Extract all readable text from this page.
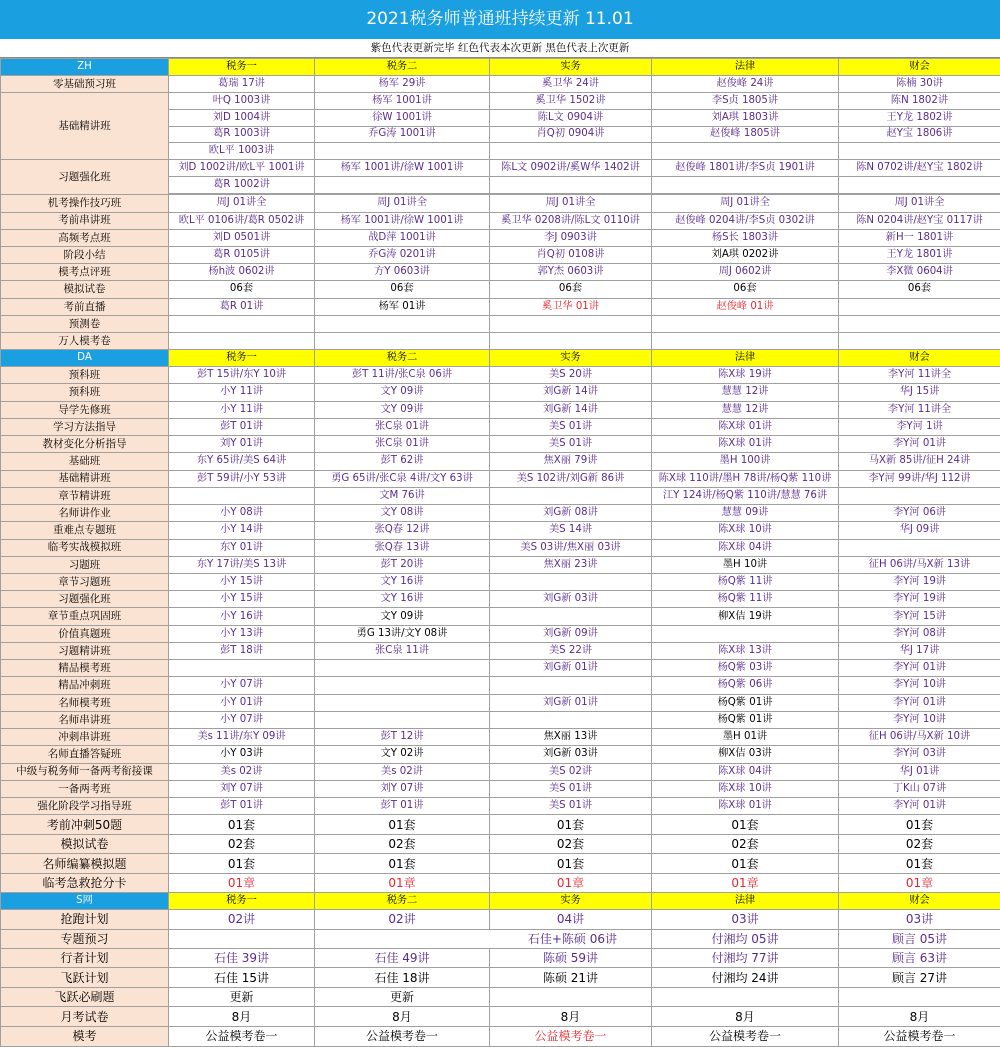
2021税务师普通班持续更新 11.01
紫色代表更新完毕 红色代表本次更新 黑色代表上次更新
ZH	税务一	税务二	实务	法律	财会
零基础预习班	葛瑞 17讲	杨军 29讲	奚卫华 24讲	赵俊峰 24讲	陈楠 30讲
基础精讲班	叶Q 1003讲	杨军 1001讲	奚卫华 1502讲	李S贞 1805讲	陈N 1802讲
	刘D 1004讲	徐W 1001讲	陈L文 0904讲	刘A琪 1803讲	王Y龙 1802讲
	葛R 1003讲	乔G涛 1001讲	肖Q初 0904讲	赵俊峰 1805讲	赵Y宝 1806讲
	欧L平 1003讲				
习题强化班	刘D 1002讲/欧L平 1001讲	杨军 1001讲/徐W 1001讲	陈L文 0902讲/奚W华 1402讲	赵俊峰 1801讲/李S贞 1901讲	陈N 0702讲/赵Y宝 1802讲
	葛R 1002讲				

机考操作技巧班	周J 01讲全	周J 01讲全	周J 01讲全	周J 01讲全	周J 01讲全
考前串讲班	欧L平 0106讲/葛R 0502讲	杨军 1001讲/徐W 1001讲	奚卫华 0208讲/陈L文 0110讲	赵俊峰 0204讲/李S贞 0302讲	陈N 0204讲/赵Y宝 0117讲
高频考点班	刘D 0501讲	战D萍 1001讲	李J 0903讲	杨S长 1803讲	新H一 1801讲
阶段小结	葛R 0105讲	乔G涛 0201讲	肖Q初 0108讲	刘A琪 0202讲	王Y龙 1801讲
模考点评班	杨h波 0602讲	方Y 0603讲	郭Y杰 0603讲	周J 0602讲	李X微 0604讲
模拟试卷	06套	06套	06套	06套	06套
考前直播	葛R 01讲	杨军 01讲	奚卫华 01讲	赵俊峰 01讲	
预测卷					
万人模考卷					
DA	税务一	税务二	实务	法律	财会
预科班	彭T 15讲/东Y 10讲	彭T 11讲/张C泉 06讲	美S 20讲	陈X球 19讲	李Y河 11讲全
预科班	小Y 11讲	文Y 09讲	刘G新 14讲	慧慧 12讲	华J 15讲
导学先修班	小Y 11讲	文Y 09讲	刘G新 14讲	慧慧 12讲	李Y河 11讲全
学习方法指导	彭T 01讲	张C泉 01讲	美S 01讲	陈X球 01讲	李Y河 1讲
教材变化分析指导	刘Y 01讲	张C泉 01讲	美S 01讲	陈X球 01讲	李Y河 01讲
基础班	东Y 65讲/美S 64讲	彭T 62讲	焦X丽 79讲	墨H 100讲	马X新 85讲/征H 24讲
基础精讲班	彭T 59讲/小Y 53讲	勇G 65讲/张C泉 4讲/文Y 63讲	美S 102讲/刘G新 86讲	陈X球 110讲/墨H 78讲/杨Q紫 110讲	李Y河 99讲/华J 112讲
章节精讲班		文M 76讲		江Y 124讲/杨Q紫 110讲/慧慧 76讲	
名师讲作业	小Y 08讲	文Y 08讲	刘G新 08讲	慧慧 09讲	李Y河 06讲
重难点专题班	小Y 14讲	张Q春 12讲	美S 14讲	陈X球 10讲	华J 09讲
临考实战模拟班	东Y 01讲	张Q春 13讲	美S 03讲/焦X丽 03讲	陈X球 04讲	
习题班	东Y 17讲/美S 13讲	彭T 20讲	焦X丽 23讲	墨H 10讲	征H 06讲/马X新 13讲
章节习题班	小Y 15讲	文Y 16讲		杨Q紫 11讲	李Y河 19讲
习题强化班	小Y 15讲	文Y 16讲	刘G新 03讲	杨Q紫 11讲	李Y河 19讲
章节重点巩固班	小Y 16讲	文Y 09讲		柳X佶 19讲	李Y河 15讲
价值真题班	小Y 13讲	勇G 13讲/文Y 08讲	刘G新 09讲		李Y河 08讲
习题精讲班	彭T 18讲	张C泉 11讲	美S 22讲	陈X球 13讲	华J 17讲
精品模考班			刘G新 01讲	杨Q紫 03讲	李Y河 01讲
精品冲刺班	小Y 07讲			杨Q紫 06讲	李Y河 10讲
名师模考班	小Y 01讲		刘G新 01讲	杨Q紫 01讲	李Y河 01讲
名师串讲班	小Y 07讲			杨Q紫 01讲	李Y河 10讲
冲刺串讲班	美s 11讲/东Y 09讲	彭T 12讲	焦X丽 13讲	墨H 01讲	征H 06讲/马X新 10讲
名师直播答疑班	小Y 03讲	文Y 02讲	刘G新 03讲	柳X佶 03讲	李Y河 03讲
中级与税务师一备两考衔接课	美s 02讲	美s 02讲	美S 02讲	陈X球 04讲	华J 01讲
一备两考班	刘Y 07讲	刘Y 07讲	美S 01讲	陈X球 10讲	丁K山 07讲
强化阶段学习指导班	彭T 01讲	彭T 01讲	美S 01讲	陈X球 01讲	李Y河 01讲
考前冲刺50题	01套	01套	01套	01套	01套
模拟试卷	02套	02套	02套	02套	02套
名师编纂模拟题	01套	01套	01套	01套	01套
临考急救抢分卡	01章	01章	01章	01章	01章
S网	税务一	税务二	实务	法律	财会
抢跑计划	02讲	02讲	04讲	03讲	03讲
专题预习		石佳+陈硕 06讲		付湘均 05讲	顾言 05讲
行者计划	石佳 39讲	石佳 49讲	陈硕 59讲	付湘均 77讲	顾言 63讲
飞跃计划	石佳 15讲	石佳 18讲	陈硕 21讲	付湘均 24讲	顾言 27讲
飞跃必刷题	更新	更新			
月考试卷	8月	8月	8月	8月	8月
模考	公益模考卷一	公益模考卷一	公益模考卷一	公益模考卷一	公益模考卷一
